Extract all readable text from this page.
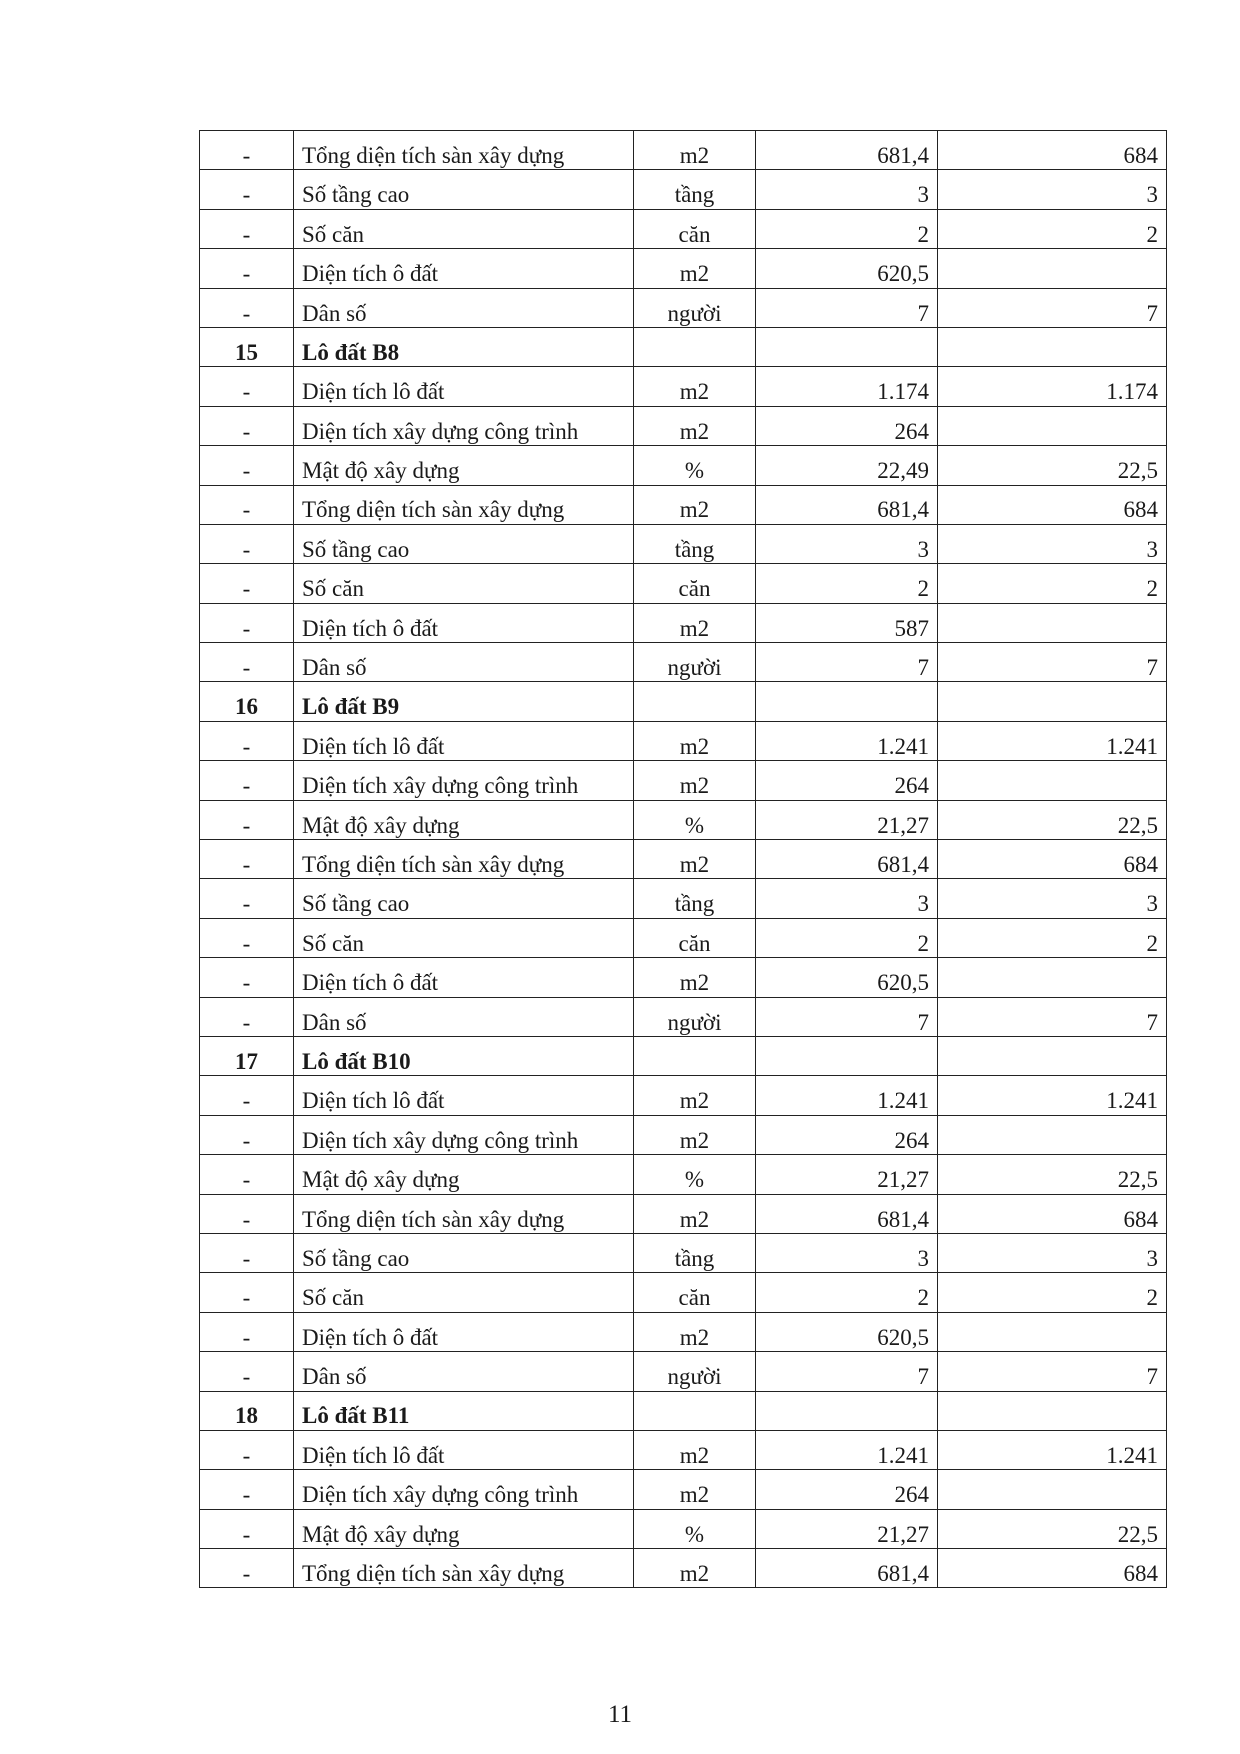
-	Tổng diện tích sàn xây dựng	m2	681,4	684
-	Số tầng cao	tầng	3	3
-	Số căn	căn	2	2
-	Diện tích ô đất	m2	620,5	
-	Dân số	người	7	7
15	Lô đất B8			
-	Diện tích lô đất	m2	1.174	1.174
-	Diện tích xây dựng công trình	m2	264	
-	Mật độ xây dựng	%	22,49	22,5
-	Tổng diện tích sàn xây dựng	m2	681,4	684
-	Số tầng cao	tầng	3	3
-	Số căn	căn	2	2
-	Diện tích ô đất	m2	587	
-	Dân số	người	7	7
16	Lô đất B9			
-	Diện tích lô đất	m2	1.241	1.241
-	Diện tích xây dựng công trình	m2	264	
-	Mật độ xây dựng	%	21,27	22,5
-	Tổng diện tích sàn xây dựng	m2	681,4	684
-	Số tầng cao	tầng	3	3
-	Số căn	căn	2	2
-	Diện tích ô đất	m2	620,5	
-	Dân số	người	7	7
17	Lô đất B10			
-	Diện tích lô đất	m2	1.241	1.241
-	Diện tích xây dựng công trình	m2	264	
-	Mật độ xây dựng	%	21,27	22,5
-	Tổng diện tích sàn xây dựng	m2	681,4	684
-	Số tầng cao	tầng	3	3
-	Số căn	căn	2	2
-	Diện tích ô đất	m2	620,5	
-	Dân số	người	7	7
18	Lô đất B11			
-	Diện tích lô đất	m2	1.241	1.241
-	Diện tích xây dựng công trình	m2	264	
-	Mật độ xây dựng	%	21,27	22,5
-	Tổng diện tích sàn xây dựng	m2	681,4	684
11
